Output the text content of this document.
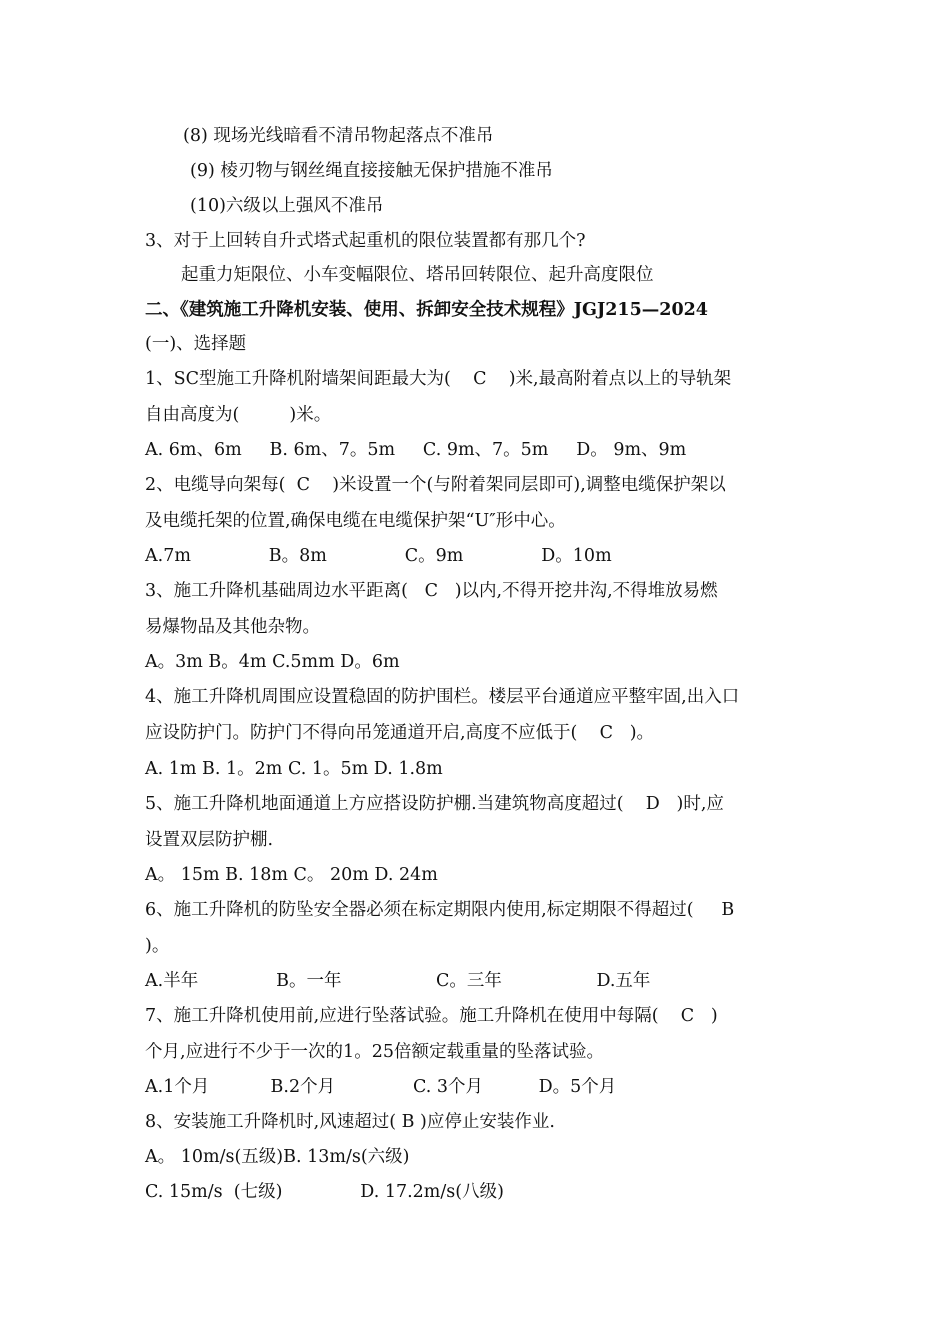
(8) 现场光线暗看不清吊物起落点不准吊
(9) 棱刃物与钢丝绳直接接触无保护措施不准吊
(10)六级以上强风不准吊
3、对于上回转自升式塔式起重机的限位装置都有那几个?
起重力矩限位、小车变幅限位、塔吊回转限位、起升高度限位
二、《建筑施工升降机安装、使用、拆卸安全技术规程》JGJ215—2024
(一)、选择题
1、SC型施工升降机附墙架间距最大为(    C    )米,最高附着点以上的导轨架
自由高度为(         )米。
A. 6m、6m     B. 6m、7。5m     C. 9m、7。5m     D。 9m、9m
2、电缆导向架每(  C    )米设置一个(与附着架同层即可),调整电缆保护架以
及电缆托架的位置,确保电缆在电缆保护架“U″形中心。
A.7m              B。8m              C。9m              D。10m
3、施工升降机基础周边水平距离(   C   )以内,不得开挖井沟,不得堆放易燃
易爆物品及其他杂物。
A。3m B。4m C.5mm D。6m
4、施工升降机周围应设置稳固的防护围栏。楼层平台通道应平整牢固,出入口
应设防护门。防护门不得向吊笼通道开启,高度不应低于(    C   )。
A. 1m B. 1。2m C. 1。5m D. 1.8m
5、施工升降机地面通道上方应搭设防护棚.当建筑物高度超过(    D   )时,应
设置双层防护棚.
A。 15m B. 18m C。 20m D. 24m
6、施工升降机的防坠安全器必须在标定期限内使用,标定期限不得超过(     B
)。
A.半年              B。一年                 C。三年                 D.五年
7、施工升降机使用前,应进行坠落试验。施工升降机在使用中每隔(    C   )
个月,应进行不少于一次的1。25倍额定载重量的坠落试验。
A.1个月           B.2个月              C. 3个月          D。5个月
8、安装施工升降机时,风速超过( B )应停止安装作业.
A。 10m/s(五级)B. 13m/s(六级)
C. 15m/s  (七级)              D. 17.2m/s(八级)
